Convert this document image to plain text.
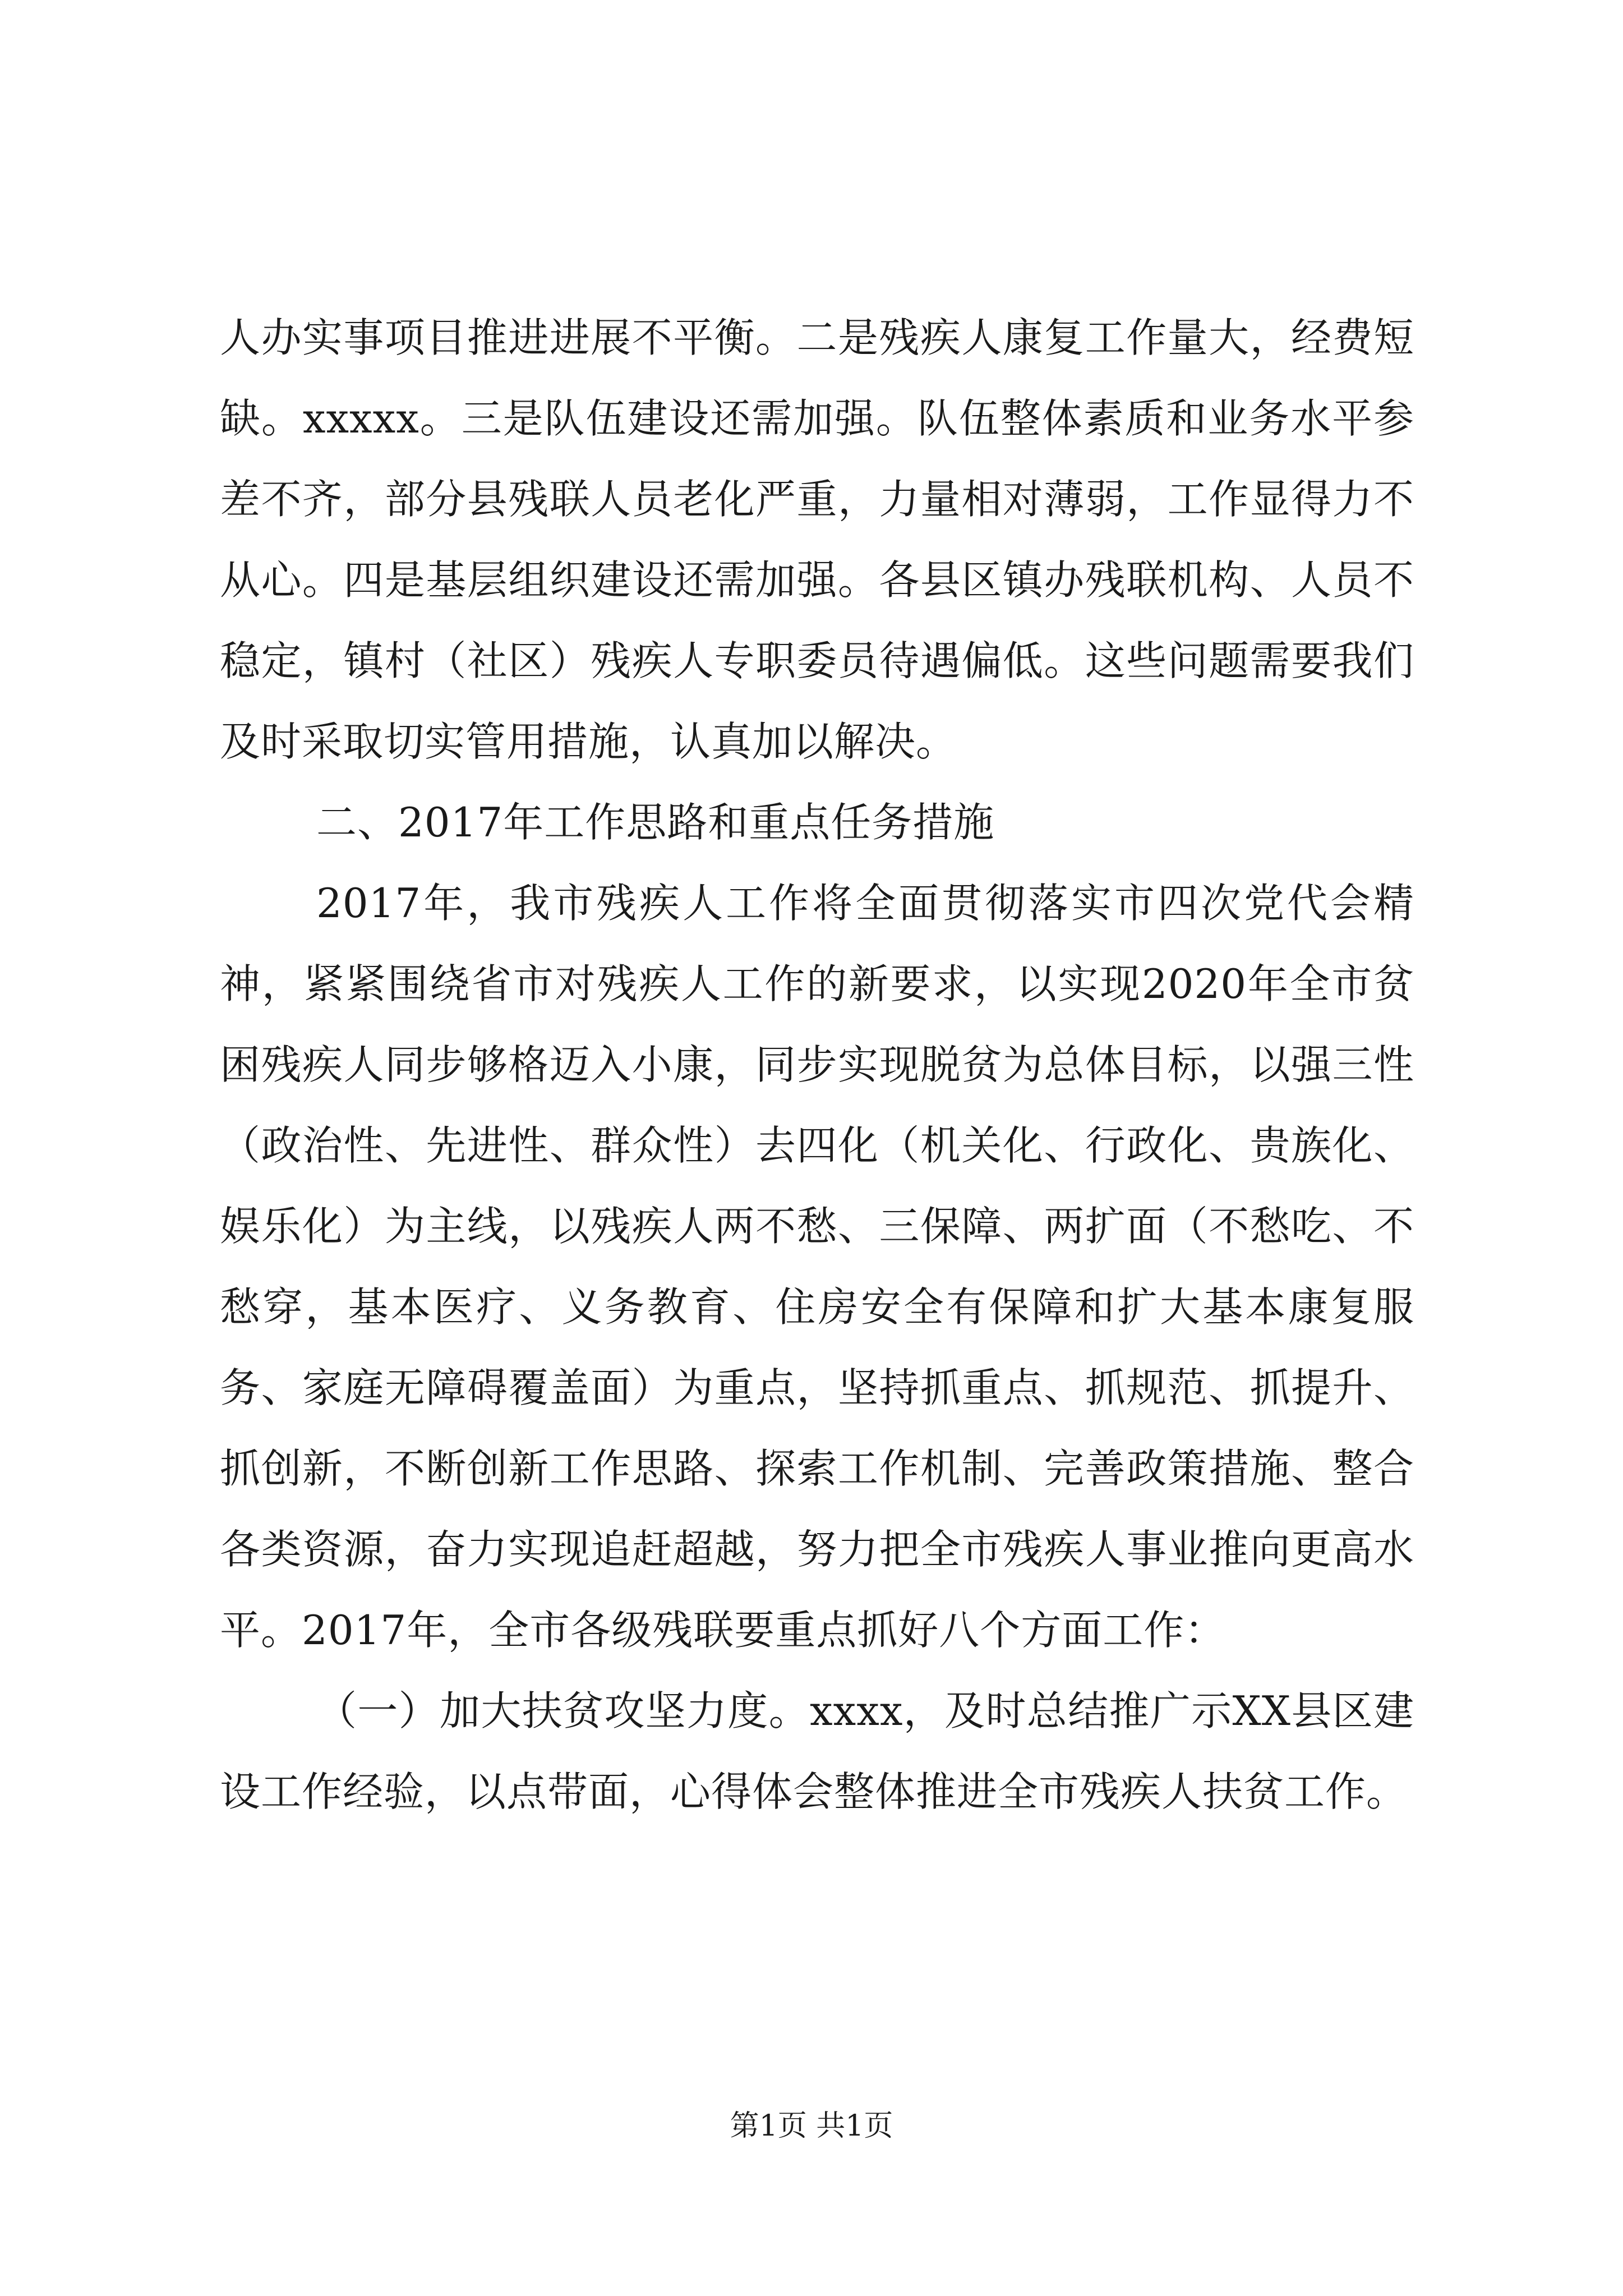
人办实事项目推进进展不平衡。二是残疾人康复工作量大，经费短缺。xxxxx。三是队伍建设还需加强。队伍整体素质和业务水平参差不齐，部分县残联人员老化严重，力量相对薄弱，工作显得力不从心。四是基层组织建设还需加强。各县区镇办残联机构、人员不稳定，镇村（社区）残疾人专职委员待遇偏低。这些问题需要我们及时采取切实管用措施，认真加以解决。

二、2017年工作思路和重点任务措施

2017年，我市残疾人工作将全面贯彻落实市四次党代会精神，紧紧围绕省市对残疾人工作的新要求，以实现2020年全市贫困残疾人同步够格迈入小康，同步实现脱贫为总体目标，以强三性（政治性、先进性、群众性）去四化（机关化、行政化、贵族化、娱乐化）为主线，以残疾人两不愁、三保障、两扩面（不愁吃、不愁穿，基本医疗、义务教育、住房安全有保障和扩大基本康复服务、家庭无障碍覆盖面）为重点，坚持抓重点、抓规范、抓提升、抓创新，不断创新工作思路、探索工作机制、完善政策措施、整合各类资源，奋力实现追赶超越，努力把全市残疾人事业推向更高水平。2017年，全市各级残联要重点抓好八个方面工作：

（一）加大扶贫攻坚力度。xxxx，及时总结推广示XX县区建设工作经验，以点带面，心得体会整体推进全市残疾人扶贫工作。

第1页 共1页
